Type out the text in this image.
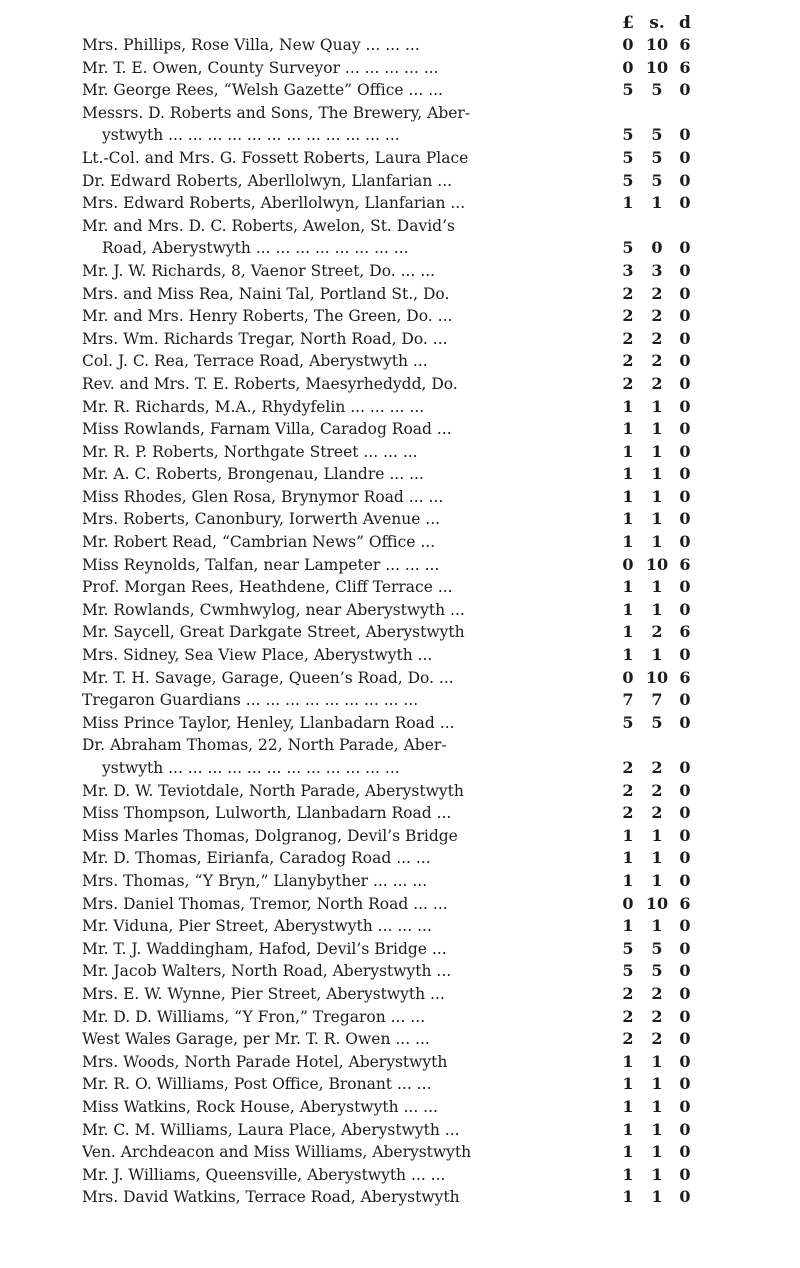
£ s. d
Mrs. Phillips, Rose Villa, New Quay ... ... ...	0 10 6
Mr. T. E. Owen, County Surveyor ... ... ... ... ...	0 10 6
Mr. George Rees, “Welsh Gazette” Office ... ...	5	5	0
Messrs. D. Roberts and Sons, The Brewery, Aber-
ystwyth ... ... ... ... ... ... ... ... ... ... ... ...	5	5	0
Lt.-Col. and Mrs. G. Fossett Roberts, Laura Place	5	5	0
Dr. Edward Roberts, Aberllolwyn, Llanfarian ...	5	5	0
Mrs. Edward Roberts, Aberllolwyn, Llanfarian ...	1	1	0
Mr. and Mrs. D. C. Roberts, Awelon, St. David’s
Road, Aberystwyth ... ... ... ... ... ... ... ...	5	0	0
Mr. J. W. Richards, 8, Vaenor Street, Do. ... ...	3	3	0
Mrs. and Miss Rea, Naini Tal, Portland St., Do.	2	2	0
Mr. and Mrs. Henry Roberts, The Green, Do. ...	2	2	0
Mrs. Wm. Richards Tregar, North Road, Do. ...	2	2	0
Col. J. C. Rea, Terrace Road, Aberystwyth ...	2	2	0
Rev. and Mrs. T. E. Roberts, Maesyrhedydd, Do.	2	2	0
Mr. R. Richards, M.A., Rhydyfelin ... ... ... ...	1	1	0
Miss Rowlands, Farnam Villa, Caradog Road ...	1	1	0
Mr. R. P. Roberts, Northgate Street ... ... ...	1	1	0
Mr. A. C. Roberts, Brongenau, Llandre ... ...	1	1	0
Miss Rhodes, Glen Rosa, Brynymor Road ... ...	1	1	0
Mrs. Roberts, Canonbury, Iorwerth Avenue ...	1	1	0
Mr. Robert Read, “Cambrian News” Office ...	1	1	0
Miss Reynolds, Talfan, near Lampeter ... ... ...	0 10 6
Prof. Morgan Rees, Heathdene, Cliff Terrace ...	1	1	0
Mr. Rowlands, Cwmhwylog, near Aberystwyth ...	1	1	0
Mr. Saycell, Great Darkgate Street, Aberystwyth	1	2	6
Mrs. Sidney, Sea View Place, Aberystwyth ...	1	1	0
Mr. T. H. Savage, Garage, Queen’s Road, Do. ...	0 10 6
Tregaron Guardians ... ... ... ... ... ... ... ... ...	7	7	0
Miss Prince Taylor, Henley, Llanbadarn Road ...	5	5	0
Dr. Abraham Thomas, 22, North Parade, Aber-
ystwyth ... ... ... ... ... ... ... ... ... ... ... ...	2	2	0
Mr. D. W. Teviotdale, North Parade, Aberystwyth	2	2	0
Miss Thompson, Lulworth, Llanbadarn Road ...	2	2	0
Miss Marles Thomas, Dolgranog, Devil’s Bridge	1	1	0
Mr. D. Thomas, Eirianfa, Caradog Road ... ...	1	1	0
Mrs. Thomas, “Y Bryn,” Llanybyther ... ... ...	1	1	0
Mrs. Daniel Thomas, Tremor, North Road ... ...	0 10 6
Mr. Viduna, Pier Street, Aberystwyth ... ... ...	1	1	0
Mr. T. J. Waddingham, Hafod, Devil’s Bridge ...	5	5	0
Mr. Jacob Walters, North Road, Aberystwyth ...	5	5	0
Mrs. E. W. Wynne, Pier Street, Aberystwyth ...	2	2	0
Mr. D. D. Williams, “Y Fron,” Tregaron ... ...	2	2	0
West Wales Garage, per Mr. T. R. Owen ... ...	2	2	0
Mrs. Woods, North Parade Hotel, Aberystwyth	1	1	0
Mr. R. O. Williams, Post Office, Bronant ... ...	1	1	0
Miss Watkins, Rock House, Aberystwyth ... ...	1	1	0
Mr. C. M. Williams, Laura Place, Aberystwyth ...	1	1	0
Ven. Archdeacon and Miss Williams, Aberystwyth	1	1	0
Mr. J. Williams, Queensville, Aberystwyth ... ...	1	1	0
Mrs. David Watkins, Terrace Road, Aberystwyth	1	1	0
